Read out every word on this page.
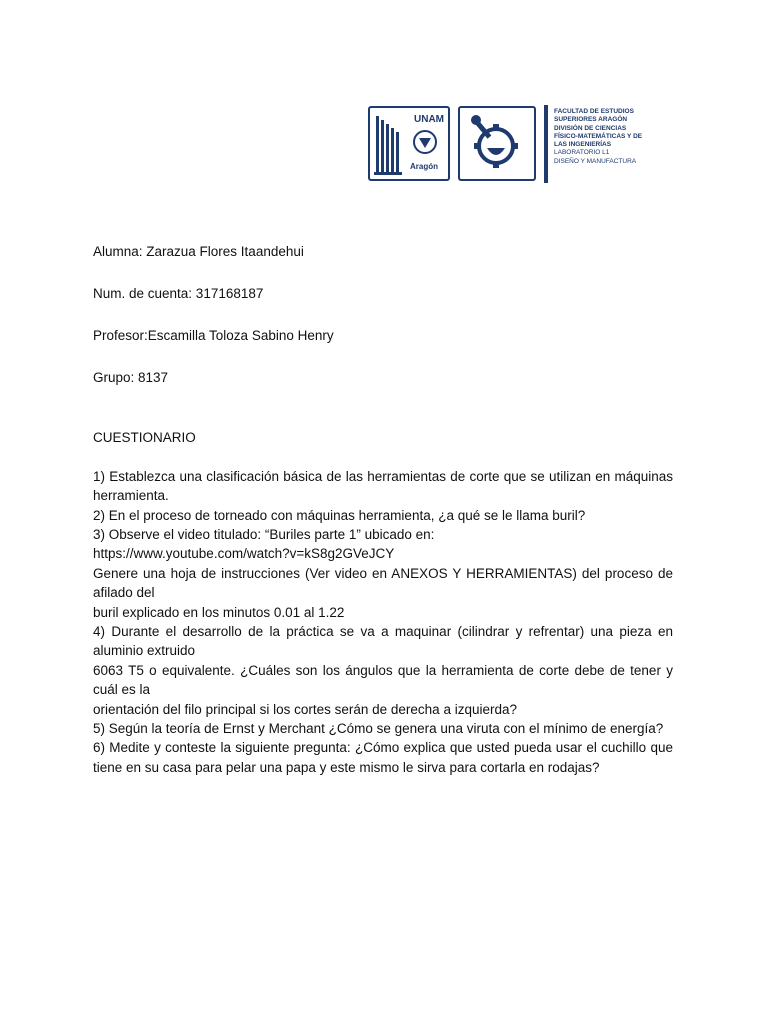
UNAM
Aragón
FACULTAD DE ESTUDIOS
SUPERIORES ARAGÓN
DIVISIÓN DE CIENCIAS
FÍSICO-MATEMÁTICAS Y DE
LAS INGENIERÍAS
LABORATORIO L1
DISEÑO Y MANUFACTURA
Alumna: Zarazua Flores Itaandehui
Num. de cuenta: 317168187
Profesor:Escamilla Toloza Sabino Henry
Grupo: 8137

CUESTIONARIO

1) Establezca una clasificación básica de las herramientas de corte que se utilizan en máquinas herramienta.

2) En el proceso de torneado con máquinas herramienta, ¿a qué se le llama buril?

3) Observe el video titulado: “Buriles parte 1” ubicado en:

https://www.youtube.com/watch?v=kS8g2GVeJCY

Genere una hoja de instrucciones (Ver video en ANEXOS Y HERRAMIENTAS) del proceso de afilado del

buril explicado en los minutos 0.01 al 1.22

4) Durante el desarrollo de la práctica se va a maquinar (cilindrar y refrentar) una pieza en aluminio extruido

6063 T5 o equivalente. ¿Cuáles son los ángulos que la herramienta de corte debe de tener y cuál es la

orientación del filo principal si los cortes serán de derecha a izquierda?

5) Según la teoría de Ernst y Merchant ¿Cómo se genera una viruta con el mínimo de energía?

6) Medite y conteste la siguiente pregunta: ¿Cómo explica que usted pueda usar el cuchillo que tiene en su casa para pelar una papa y este mismo le sirva para cortarla en rodajas?
